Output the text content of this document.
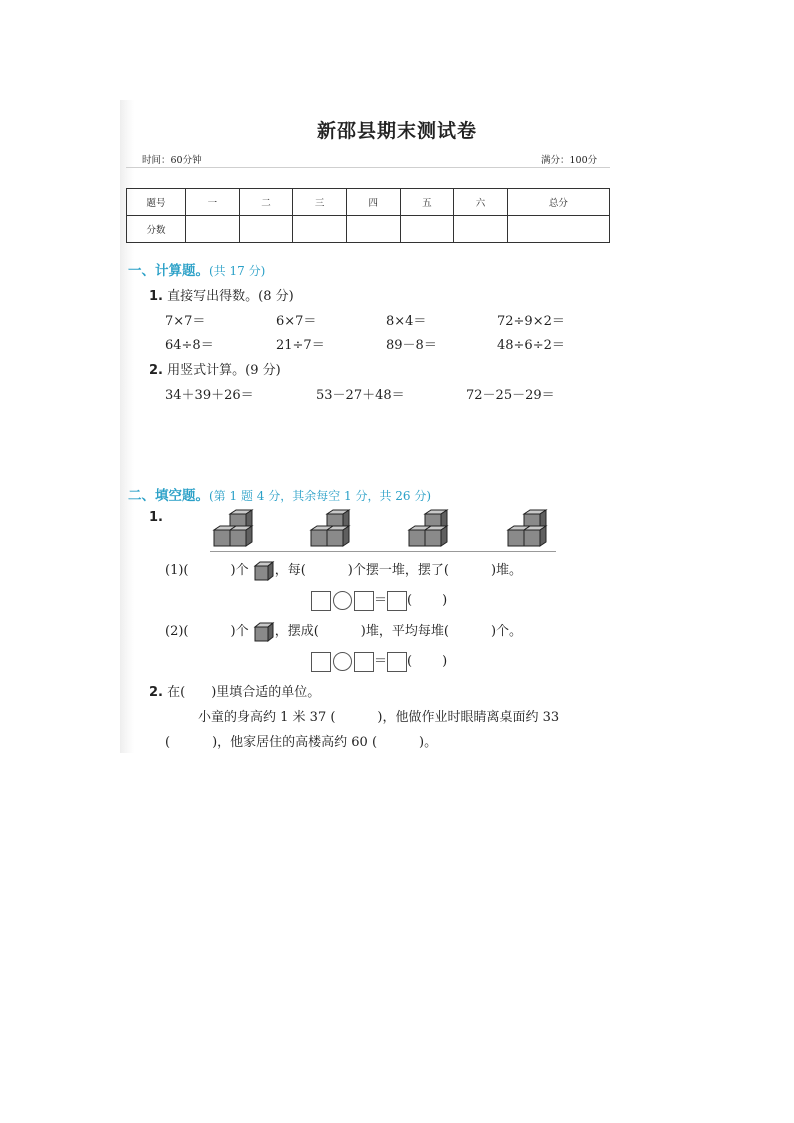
新邵县期末测试卷
时间：60分钟	满分：100分
题号	一	二	三	四	五	六	总分
分数							
一、计算题。(共 17 分)
1. 直接写出得数。(8 分)
7×7＝	6×7＝	8×4＝	72÷9×2＝
64÷8＝	21÷7＝	89－8＝	48÷6÷2＝
2. 用竖式计算。(9 分)
34＋39＋26＝	53－27＋48＝	72－25－29＝
二、填空题。(第 1 题 4 分，其余每空 1 分，共 26 分)
1.
(1)(	)个 ，每(	)个摆一堆，摆了(	)堆。
＝ ( )
(2)(	)个 ，摆成(	)堆，平均每堆(	)个。
＝ ( )
2. 在(　　)里填合适的单位。
小童的身高约 1 米 37 (	)，他做作业时眼睛离桌面约 33
(	)，他家居住的高楼高约 60 (	)。
